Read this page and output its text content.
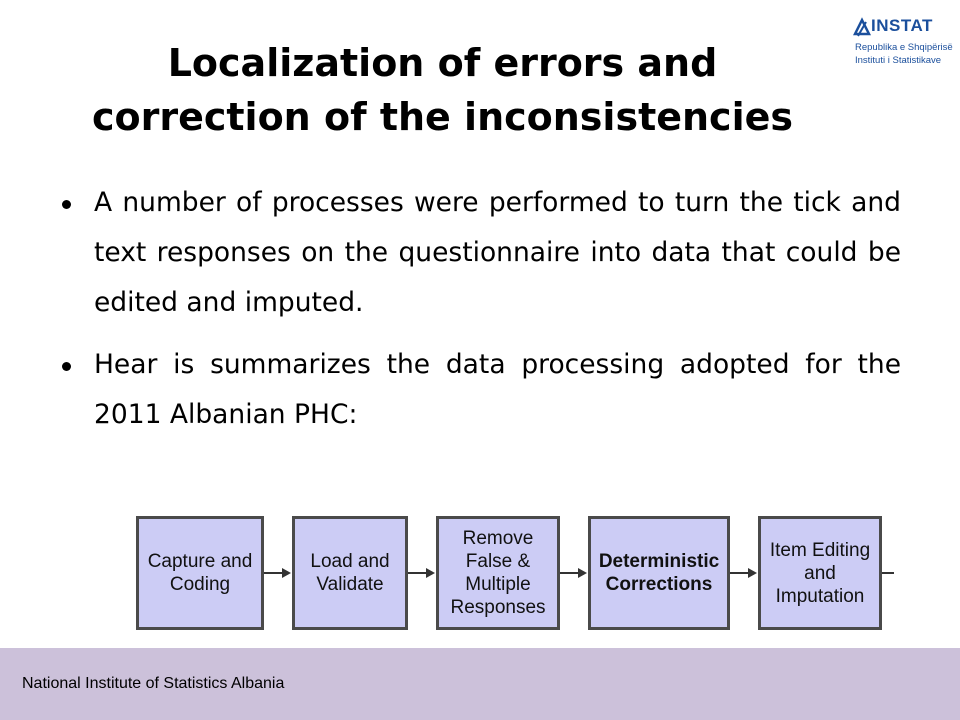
Localization of errors and
correction of the inconsistencies
INSTAT
Republika e Shqipërisë
Instituti i Statistikave
A number of processes were performed to turn the tick and text responses on the questionnaire into data that could be edited and imputed.
Hear is summarizes the data processing adopted for the 2011 Albanian PHC:
Capture and
Coding
Load and
Validate
Remove
False &
Multiple
Responses
Deterministic
Corrections
Item Editing
and
Imputation
National Institute of Statistics Albania
